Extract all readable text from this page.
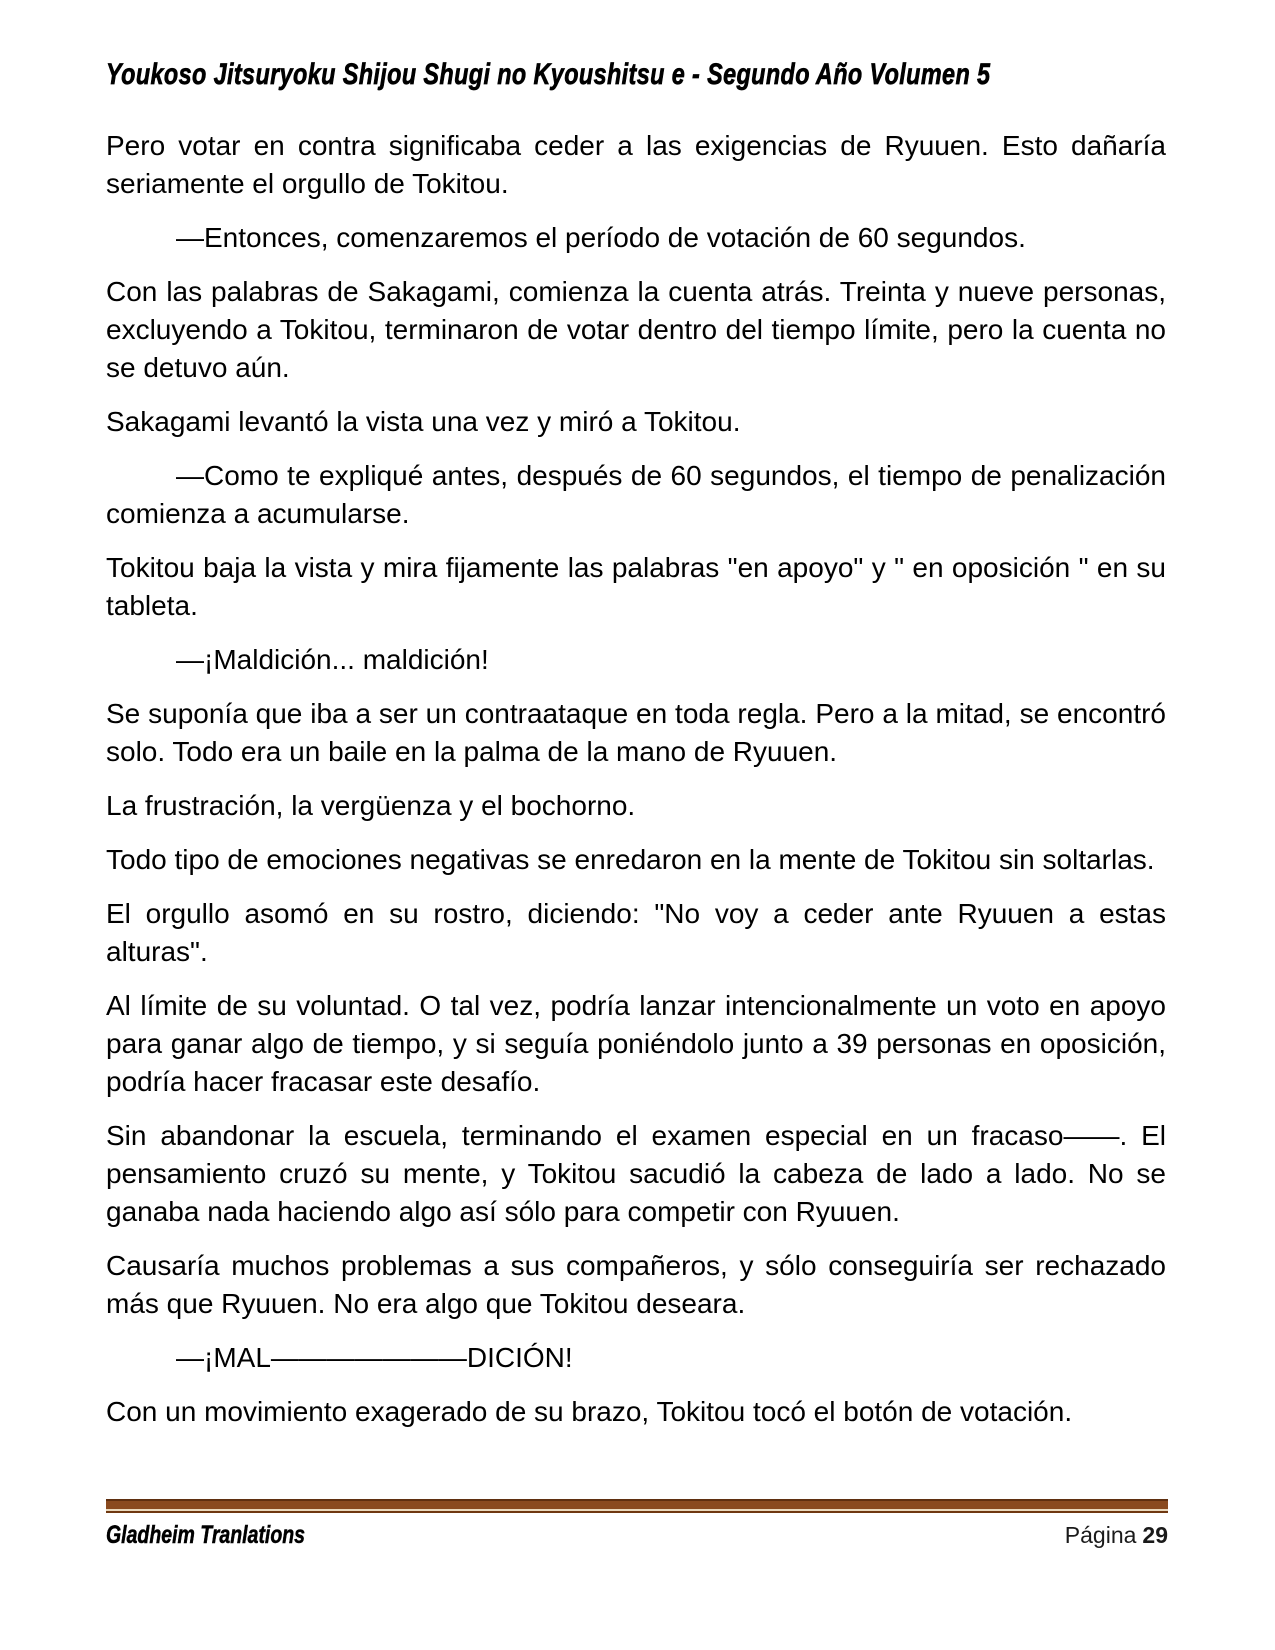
Youkoso Jitsuryoku Shijou Shugi no Kyoushitsu e - Segundo Año Volumen 5

Pero votar en contra significaba ceder a las exigencias de Ryuuen. Esto dañaría seriamente el orgullo de Tokitou.

—Entonces, comenzaremos el período de votación de 60 segundos.

Con las palabras de Sakagami, comienza la cuenta atrás. Treinta y nueve personas, excluyendo a Tokitou, terminaron de votar dentro del tiempo límite, pero la cuenta no se detuvo aún.

Sakagami levantó la vista una vez y miró a Tokitou.

—Como te expliqué antes, después de 60 segundos, el tiempo de penalización comienza a acumularse.

Tokitou baja la vista y mira fijamente las palabras "en apoyo" y " en oposición " en su tableta.

—¡Maldición... maldición!

Se suponía que iba a ser un contraataque en toda regla. Pero a la mitad, se encontró solo. Todo era un baile en la palma de la mano de Ryuuen.

La frustración, la vergüenza y el bochorno.

Todo tipo de emociones negativas se enredaron en la mente de Tokitou sin soltarlas.

El orgullo asomó en su rostro, diciendo: "No voy a ceder ante Ryuuen a estas alturas".

Al límite de su voluntad. O tal vez, podría lanzar intencionalmente un voto en apoyo para ganar algo de tiempo, y si seguía poniéndolo junto a 39 personas en oposición, podría hacer fracasar este desafío.

Sin abandonar la escuela, terminando el examen especial en un fracaso——. El pensamiento cruzó su mente, y Tokitou sacudió la cabeza de lado a lado. No se ganaba nada haciendo algo así sólo para competir con Ryuuen.

Causaría muchos problemas a sus compañeros, y sólo conseguiría ser rechazado más que Ryuuen. No era algo que Tokitou deseara.

—¡MAL———————DICIÓN!

Con un movimiento exagerado de su brazo, Tokitou tocó el botón de votación.

Gladheim Tranlations	Página 29
